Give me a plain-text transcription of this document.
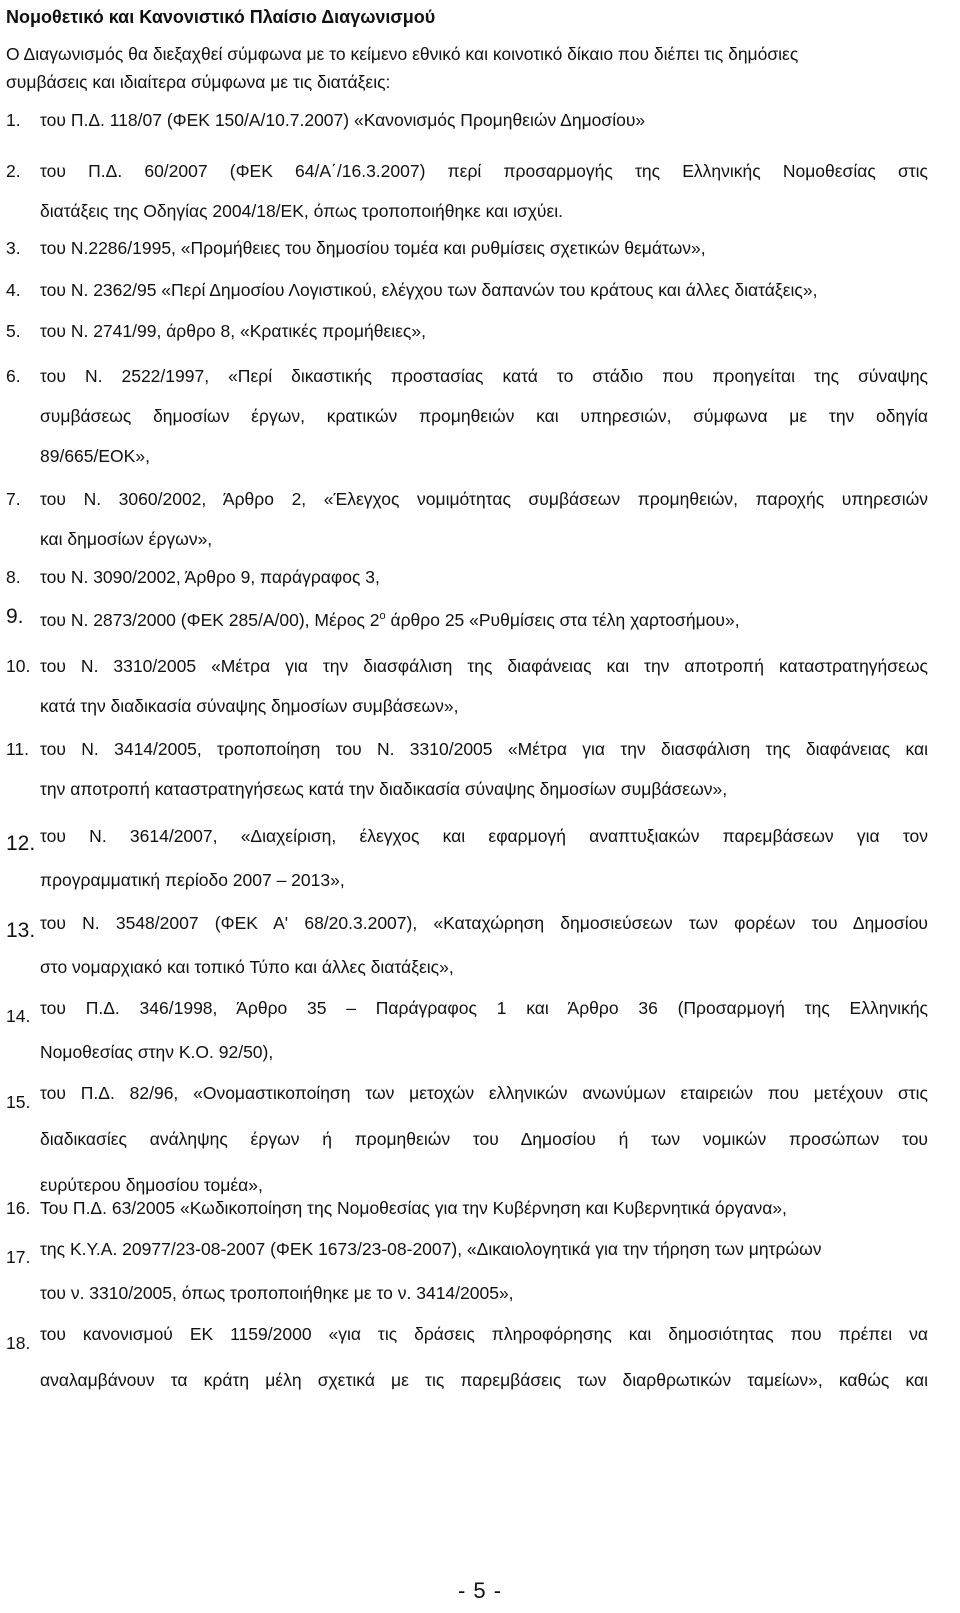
Νομοθετικό και Κανονιστικό Πλαίσιο Διαγωνισμού
Ο Διαγωνισμός θα διεξαχθεί σύμφωνα με το κείμενο εθνικό και κοινοτικό δίκαιο που διέπει τις δημόσιες
συμβάσεις και ιδιαίτερα σύμφωνα με τις διατάξεις:
1. του Π.Δ. 118/07 (ΦΕΚ 150/Α/10.7.2007) «Κανονισμός Προμηθειών Δημοσίου»
2. του Π.Δ. 60/2007 (ΦΕΚ 64/Α΄/16.3.2007) περί προσαρμογής της Ελληνικής Νομοθεσίας στις
διατάξεις της Οδηγίας 2004/18/ΕΚ, όπως τροποποιήθηκε και ισχύει.
3. του Ν.2286/1995, «Προμήθειες του δημοσίου τομέα και ρυθμίσεις σχετικών θεμάτων»,
4. του Ν. 2362/95 «Περί Δημοσίου Λογιστικού, ελέγχου των δαπανών του κράτους και άλλες διατάξεις»,
5. του Ν. 2741/99, άρθρο 8, «Κρατικές προμήθειες»,
6. του Ν. 2522/1997, «Περί δικαστικής προστασίας κατά το στάδιο που προηγείται της σύναψης
συμβάσεως δημοσίων έργων, κρατικών προμηθειών και υπηρεσιών, σύμφωνα με την οδηγία
89/665/ΕΟΚ»,
7. του Ν. 3060/2002, Άρθρο 2, «Έλεγχος νομιμότητας συμβάσεων προμηθειών, παροχής υπηρεσιών
και δημοσίων έργων»,
8. του Ν. 3090/2002, Άρθρο 9, παράγραφος 3,
9. του Ν. 2873/2000 (ΦΕΚ 285/Α/00), Μέρος $2^o$ άρθρο 25 «Ρυθμίσεις στα τέλη χαρτοσήμου»,
10. του Ν. 3310/2005 «Μέτρα για την διασφάλιση της διαφάνειας και την αποτροπή καταστρατηγήσεως
κατά την διαδικασία σύναψης δημοσίων συμβάσεων»,
11. του Ν. 3414/2005, τροποποίηση του Ν. 3310/2005 «Μέτρα για την διασφάλιση της διαφάνειας και
την αποτροπή καταστρατηγήσεως κατά την διαδικασία σύναψης δημοσίων συμβάσεων»,
12. του Ν. 3614/2007, «Διαχείριση, έλεγχος και εφαρμογή αναπτυξιακών παρεμβάσεων για τον
προγραμματική περίοδο 2007 – 2013»,
13. του Ν. 3548/2007 (ΦΕΚ Α' 68/20.3.2007), «Καταχώρηση δημοσιεύσεων των φορέων του Δημοσίου
στο νομαρχιακό και τοπικό Τύπο και άλλες διατάξεις»,
14. του Π.Δ. 346/1998, Άρθρο 35 – Παράγραφος 1 και Άρθρο 36 (Προσαρμογή της Ελληνικής
Νομοθεσίας στην Κ.Ο. 92/50),
15. του Π.Δ. 82/96, «Ονομαστικοποίηση των μετοχών ελληνικών ανωνύμων εταιρειών που μετέχουν στις
διαδικασίες ανάληψης έργων ή προμηθειών του Δημοσίου ή των νομικών προσώπων του
ευρύτερου δημοσίου τομέα»,
16. Του Π.Δ. 63/2005 «Κωδικοποίηση της Νομοθεσίας για την Κυβέρνηση και Κυβερνητικά όργανα»,
17. της Κ.Υ.Α. 20977/23-08-2007 (ΦΕΚ 1673/23-08-2007), «Δικαιολογητικά για την τήρηση των μητρώων
του ν. 3310/2005, όπως τροποποιήθηκε με το ν. 3414/2005»,
18. του κανονισμού ΕΚ 1159/2000 «για τις δράσεις πληροφόρησης και δημοσιότητας που πρέπει να
αναλαμβάνουν τα κράτη μέλη σχετικά με τις παρεμβάσεις των διαρθρωτικών ταμείων», καθώς και
- 5 -
